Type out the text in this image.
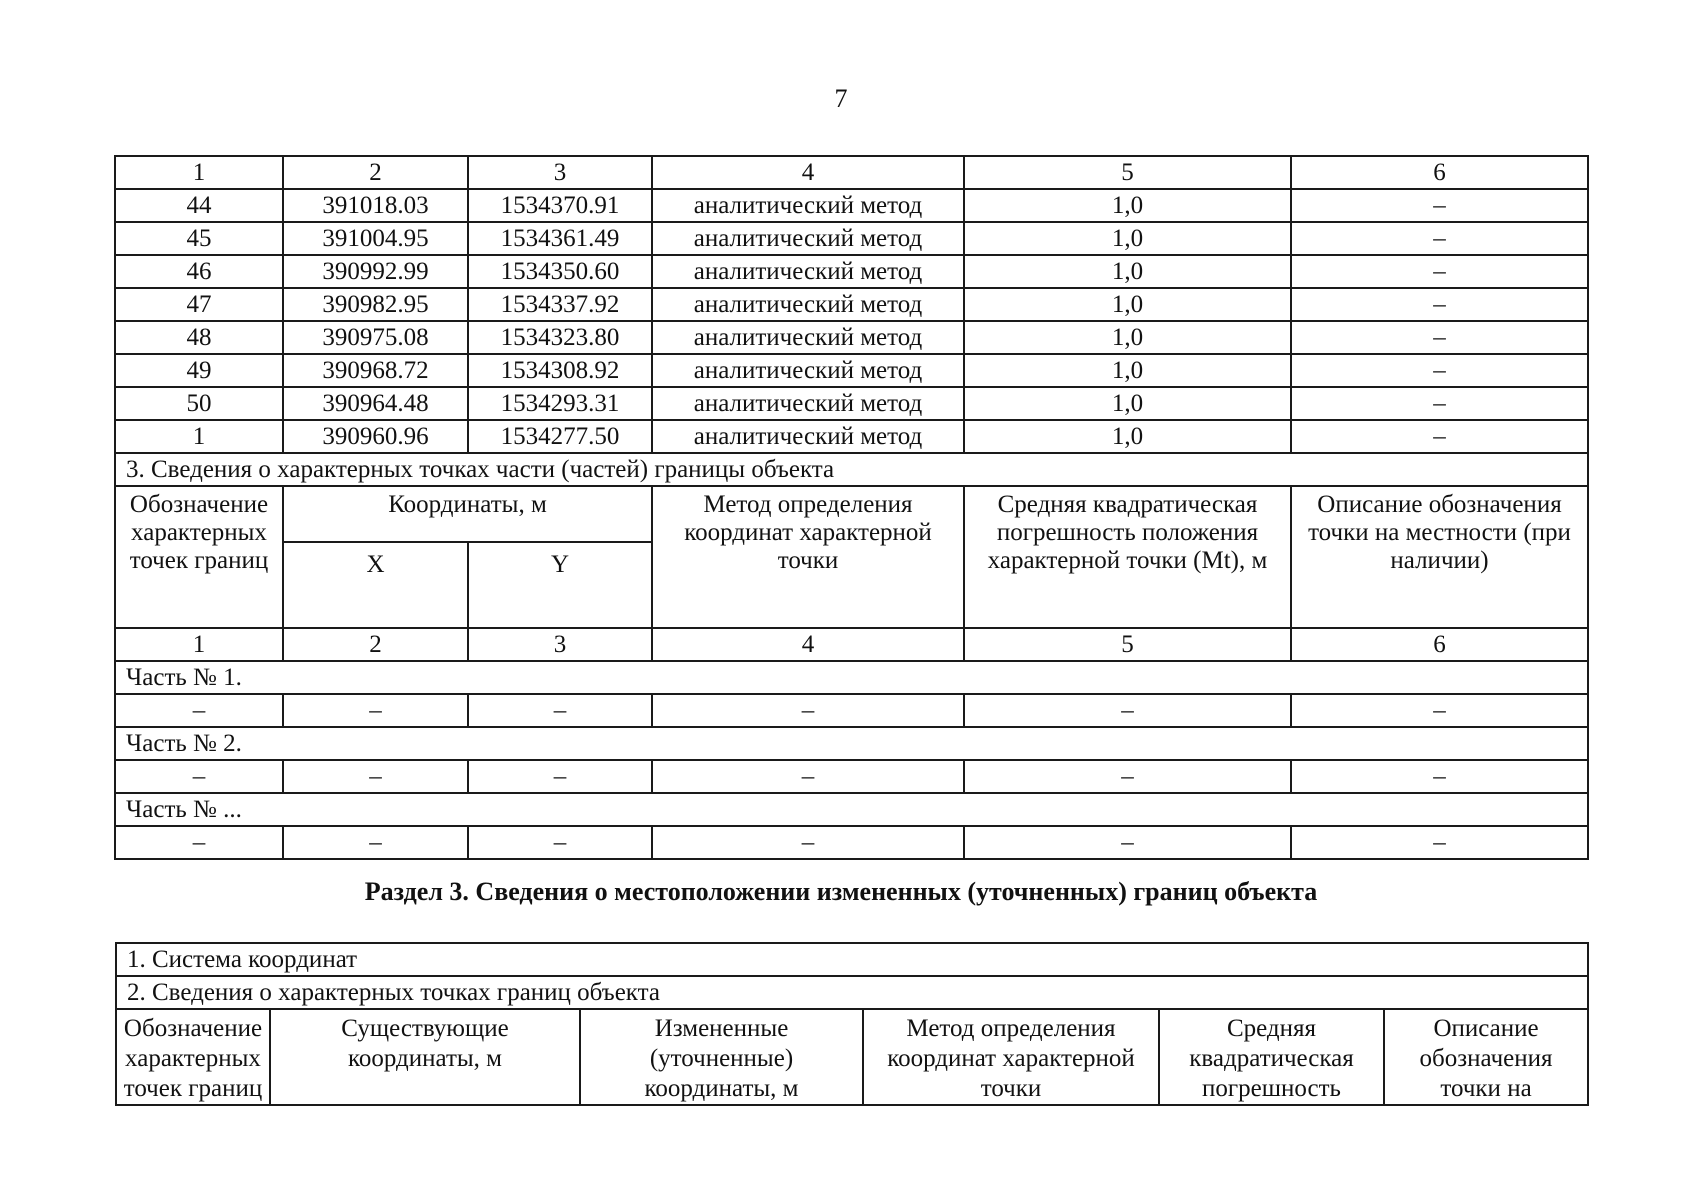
7
1	2	3	4	5	6
44	391018.03	1534370.91	аналитический метод	1,0	–
45	391004.95	1534361.49	аналитический метод	1,0	–
46	390992.99	1534350.60	аналитический метод	1,0	–
47	390982.95	1534337.92	аналитический метод	1,0	–
48	390975.08	1534323.80	аналитический метод	1,0	–
49	390968.72	1534308.92	аналитический метод	1,0	–
50	390964.48	1534293.31	аналитический метод	1,0	–
1	390960.96	1534277.50	аналитический метод	1,0	–
3. Сведения о характерных точках части (частей) границы объекта					
Обозначение характерных точек границ	Координаты, м		Метод определения координат характерной точки	Средняя квадратическая погрешность положения характерной точки (Mt), м	Описание обозначения точки на местности (при наличии)
	X	Y			
1	2	3	4	5	6
Часть № 1.					
–	–	–	–	–	–
Часть № 2.					
–	–	–	–	–	–
Часть № ...					
–	–	–	–	–	–
Раздел 3. Сведения о местоположении измененных (уточненных) границ объекта
1. Система координат
2. Сведения о характерных точках границ объекта
Обозначение характерных точек границ	Существующие координаты, м	Измененные (уточненные) координаты, м	Метод определения координат характерной точки	Средняя квадратическая погрешность	Описание обозначения точки на
